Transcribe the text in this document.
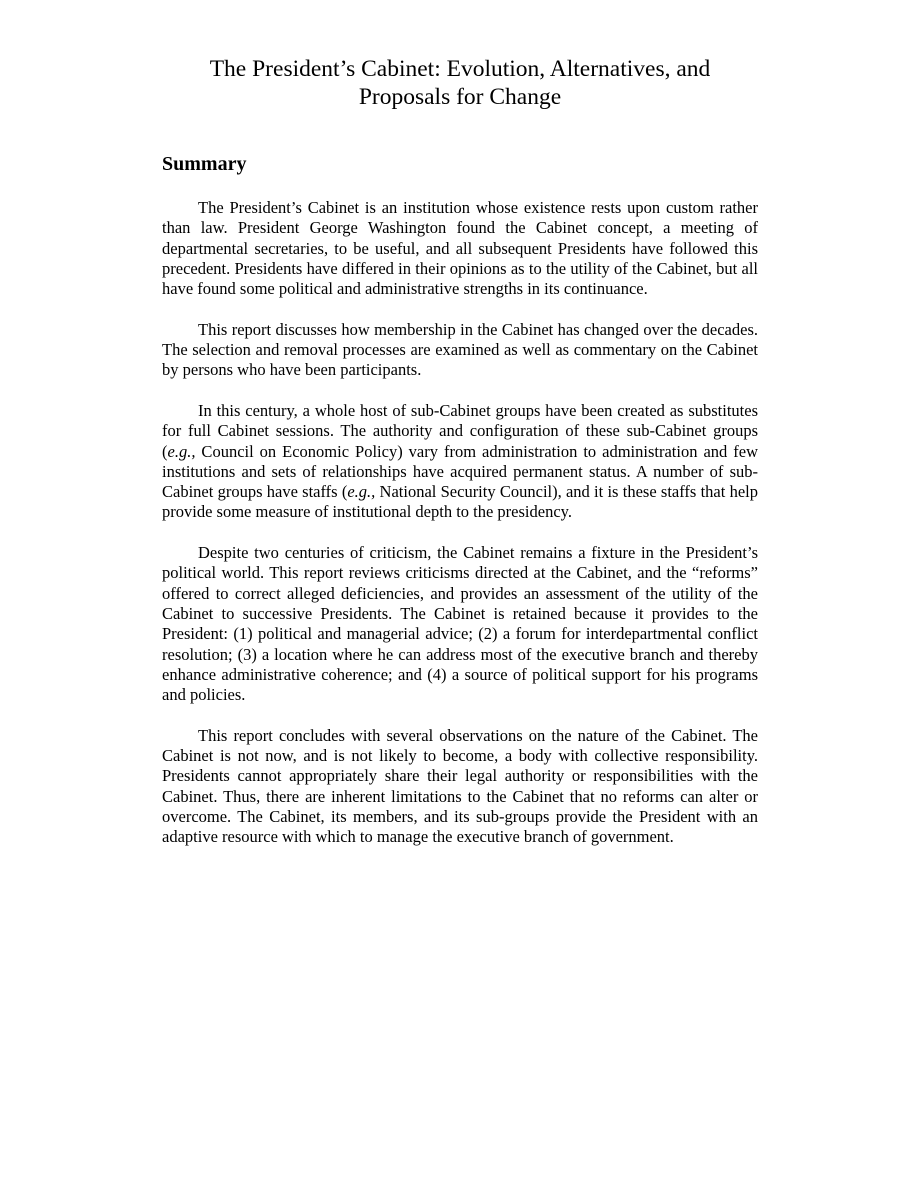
The President’s Cabinet: Evolution, Alternatives, and
Proposals for Change
Summary

The President’s Cabinet is an institution whose existence rests upon custom rather than law. President George Washington found the Cabinet concept, a meeting of departmental secretaries, to be useful, and all subsequent Presidents have followed this precedent. Presidents have differed in their opinions as to the utility of the Cabinet, but all have found some political and administrative strengths in its continuance.

This report discusses how membership in the Cabinet has changed over the decades. The selection and removal processes are examined as well as commentary on the Cabinet by persons who have been participants.

In this century, a whole host of sub-Cabinet groups have been created as substitutes for full Cabinet sessions. The authority and configuration of these sub-Cabinet groups (e.g., Council on Economic Policy) vary from administration to administration and few institutions and sets of relationships have acquired permanent status. A number of sub-Cabinet groups have staffs (e.g., National Security Council), and it is these staffs that help provide some measure of institutional depth to the presidency.

Despite two centuries of criticism, the Cabinet remains a fixture in the President’s political world. This report reviews criticisms directed at the Cabinet, and the “reforms” offered to correct alleged deficiencies, and provides an assessment of the utility of the Cabinet to successive Presidents. The Cabinet is retained because it provides to the President: (1) political and managerial advice; (2) a forum for interdepartmental conflict resolution; (3) a location where he can address most of the executive branch and thereby enhance administrative coherence; and (4) a source of political support for his programs and policies.

This report concludes with several observations on the nature of the Cabinet. The Cabinet is not now, and is not likely to become, a body with collective responsibility. Presidents cannot appropriately share their legal authority or responsibilities with the Cabinet. Thus, there are inherent limitations to the Cabinet that no reforms can alter or overcome. The Cabinet, its members, and its sub-groups provide the President with an adaptive resource with which to manage the executive branch of government.
